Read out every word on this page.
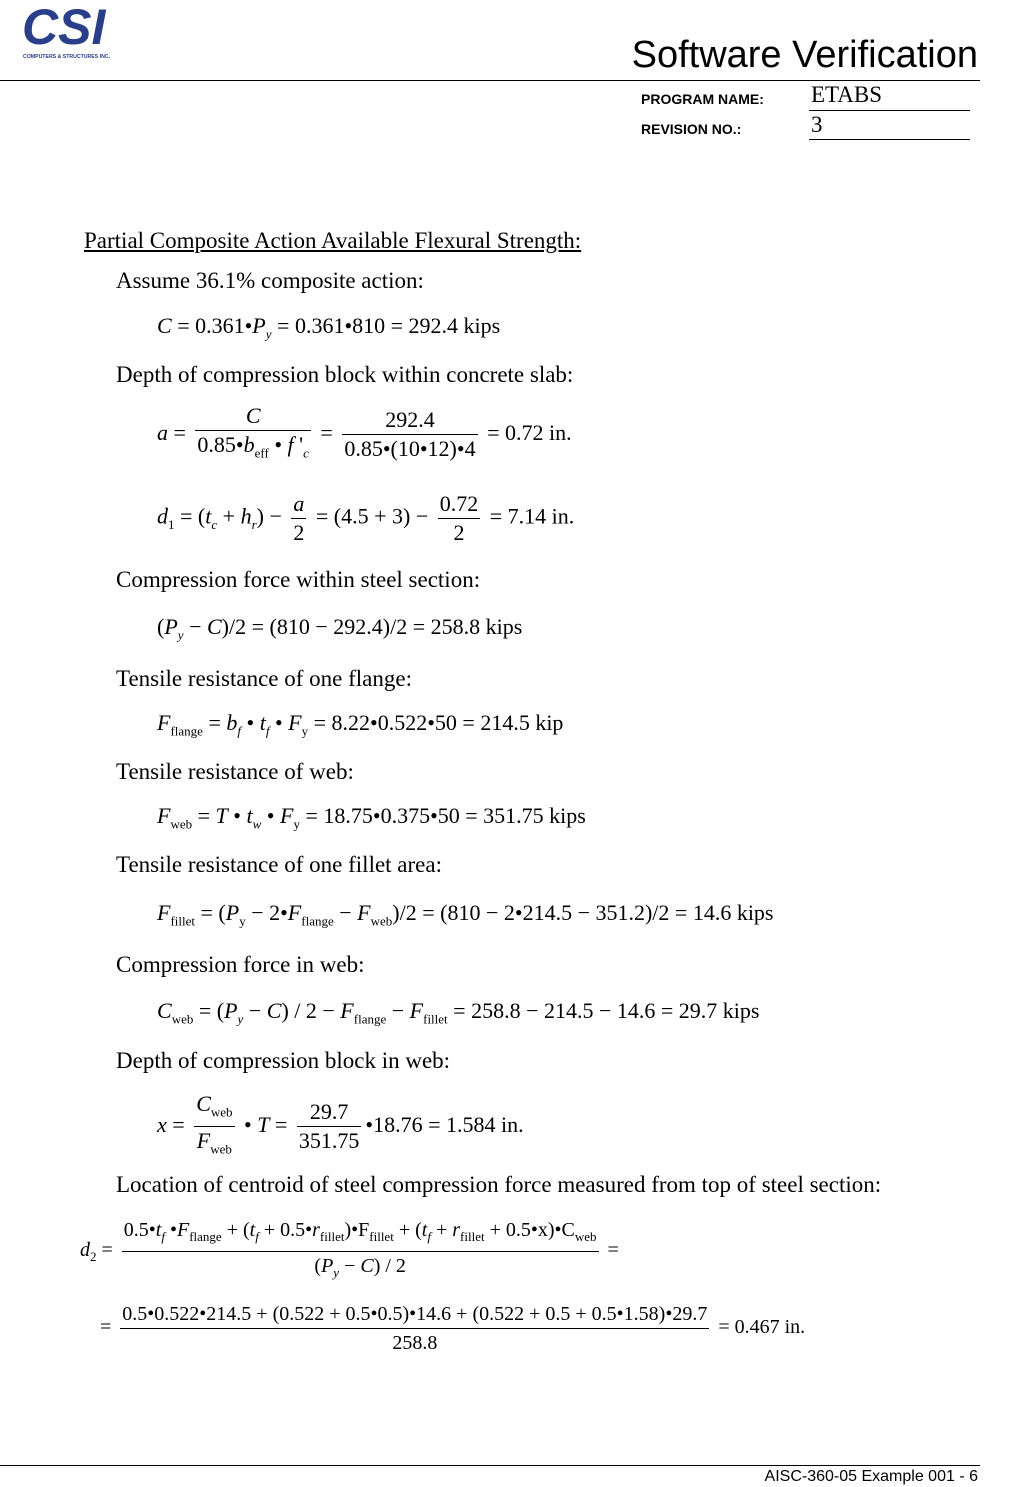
CSI
COMPUTERS & STRUCTURES INC.	Software Verification
PROGRAM NAME: ETABS
REVISION NO.:	3
Partial Composite Action Available Flexural Strength:
Assume 36.1% composite action:
$C = 0.361•P_y$ = 0.361•810 = 292.4 kips
Depth of compression block within concrete slab:
$a = \frac{C}{0.85•b_{eff} • f '_c} = \frac{292.4}{0.85•(10•12)•4} = 0.72$ in.
$d_1 = (t_c + h_r) - \frac{a}{2} = (4.5 + 3) - \frac{0.72}{2} = 7.14$ in.
Compression force within steel section:
$(P_y - C)/2 = (810 - 292.4)/2 = 258.8$ kips
Tensile resistance of one flange:
$F_{flange} = b_f$ • $t_f$ • $F_y$ = 8.22•0.522•50 = 214.5 kip
Tensile resistance of web:
$F_{web} = T$ • $t_w$ • $F_y$ = 18.75•0.375•50 = 351.75 kips
Tensile resistance of one fillet area:
$F_{fillet} = (P_y$ − $2•F_{flange} - F_{web})/2 = (810$ − 2•214.5 − 351.2)/2 = 14.6 kips
Compression force in web:
$C_{web} = (P_y - C) / 2 - F_{flange} - F_{fillet} = 258.8 - 214.5 - 14.6 = 29.7$ kips
Depth of compression block in web:
$x = \frac{C_{web}}{F_{web}}$ • $T = \frac{29.7}{351.75}$ •18.76 = 1.584 in.
Location of centroid of steel compression force measured from top of steel section:
$d_2$ =
$0.5•t_f$ $•F_{flange} + (t_f$ + $0.5•r_{fillet})•F_{fillet} + (t_f + r_{fillet}$ + $0.5•x)•C_{web}$
$(P_y - C) / 2$
=
=
0.5•0.522•214.5 + (0.522 + 0.5•0.5)•14.6 + (0.522 + 0.5 + 0.5•1.58)•29.7
258.8
= 0.467 in.
AISC-360-05 Example 001 - 6
